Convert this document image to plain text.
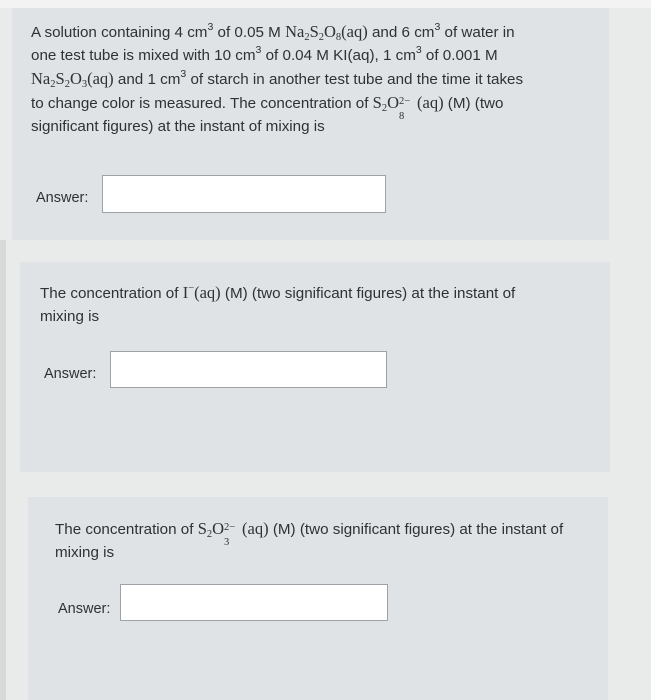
A solution containing 4 $cm^3$ of 0.05 M $Na_2S_2O_8(aq)$ and 6 $cm^3$ of water in
one test tube is mixed with 10 $cm^3$ of 0.04 M KI(aq), 1 $cm^3$ of 0.001 M
$Na_2S_2O_3(aq)$ and 1 $cm^3$ of starch in another test tube and the time it takes
to change color is measured. The concentration of $S_2O$ 2−
8
(aq) (M) (two
significant figures) at the instant of mixing is
Answer:
The concentration of I−(aq) (M) (two significant figures) at the instant of
mixing is
Answer:
The concentration of $S_2O$ 2−
3
(aq) (M) (two significant figures) at the instant of
mixing is
Answer:
